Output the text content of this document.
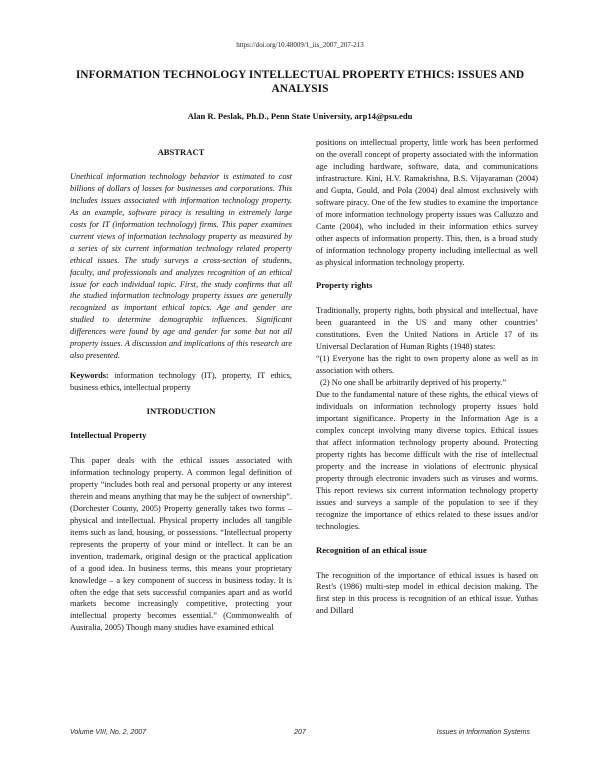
https://doi.org/10.48009/1_iis_2007_207-213
INFORMATION TECHNOLOGY INTELLECTUAL PROPERTY ETHICS: ISSUES AND ANALYSIS
Alan R. Peslak, Ph.D., Penn State University, arp14@psu.edu
ABSTRACT

Unethical information technology behavior is estimated to cost billions of dollars of losses for businesses and corporations. This includes issues associated with information technology property. As an example, software piracy is resulting in extremely large costs for IT (information technology) firms. This paper examines current views of information technology property as measured by a series of six current information technology related property ethical issues. The study surveys a cross-section of students, faculty, and professionals and analyzes recognition of an ethical issue for each individual topic. First, the study confirms that all the studied information technology property issues are generally recognized as important ethical topics. Age and gender are studied to determine demographic influences. Significant differences were found by age and gender for some but not all property issues. A discussion and implications of this research are also presented.

Keywords: information technology (IT), property, IT ethics, business ethics, intellectual property

INTRODUCTION
Intellectual Property

This paper deals with the ethical issues associated with information technology property. A common legal definition of property “includes both real and personal property or any interest therein and means anything that may be the subject of ownership”. (Dorchester County, 2005) Property generally takes two forms – physical and intellectual. Physical property includes all tangible items such as land, housing, or possessions. “Intellectual property represents the property of your mind or intellect. It can be an invention, trademark, original design or the practical application of a good idea. In business terms, this means your proprietary knowledge – a key component of success in business today. It is often the edge that sets successful companies apart and as world markets become increasingly competitive, protecting your intellectual property becomes essential.” (Commonwealth of Australia, 2005) Though many studies have examined ethical

positions on intellectual property, little work has been performed on the overall concept of property associated with the information age including hardware, software, data, and communications infrastructure. Kini, H.V. Ramakrishna, B.S. Vijayaraman (2004) and Gupta, Gould, and Pola (2004) deal almost exclusively with software piracy. One of the few studies to examine the importance of more information technology property issues was Calluzzo and Cante (2004), who included in their information ethics survey other aspects of information property. This, then, is a broad study of information technology property including intellectual as well as physical information technology property.

Property rights

Traditionally, property rights, both physical and intellectual, have been guaranteed in the US and many other countries’ constitutions. Even the United Nations in Article 17 of its Universal Declaration of Human Rights (1948) states:

“(1) Everyone has the right to own property alone as well as in association with others.

(2) No one shall be arbitrarily deprived of his property.”

Due to the fundamental nature of these rights, the ethical views of individuals on information technology property issues hold important significance. Property in the Information Age is a complex concept involving many diverse topics. Ethical issues that affect information technology property abound. Protecting property rights has become difficult with the rise of intellectual property and the increase in violations of electronic physical property through electronic invaders such as viruses and worms. This report reviews six current information technology property issues and surveys a sample of the population to see if they recognize the importance of ethics related to these issues and/or technologies.

Recognition of an ethical issue

The recognition of the importance of ethical issues is based on Rest’s (1986) multi-step model in ethical decision making. The first step in this process is recognition of an ethical issue. Yuthas and Dillard

Volume VIII, No. 2, 2007	207	Issues in Information Systems
